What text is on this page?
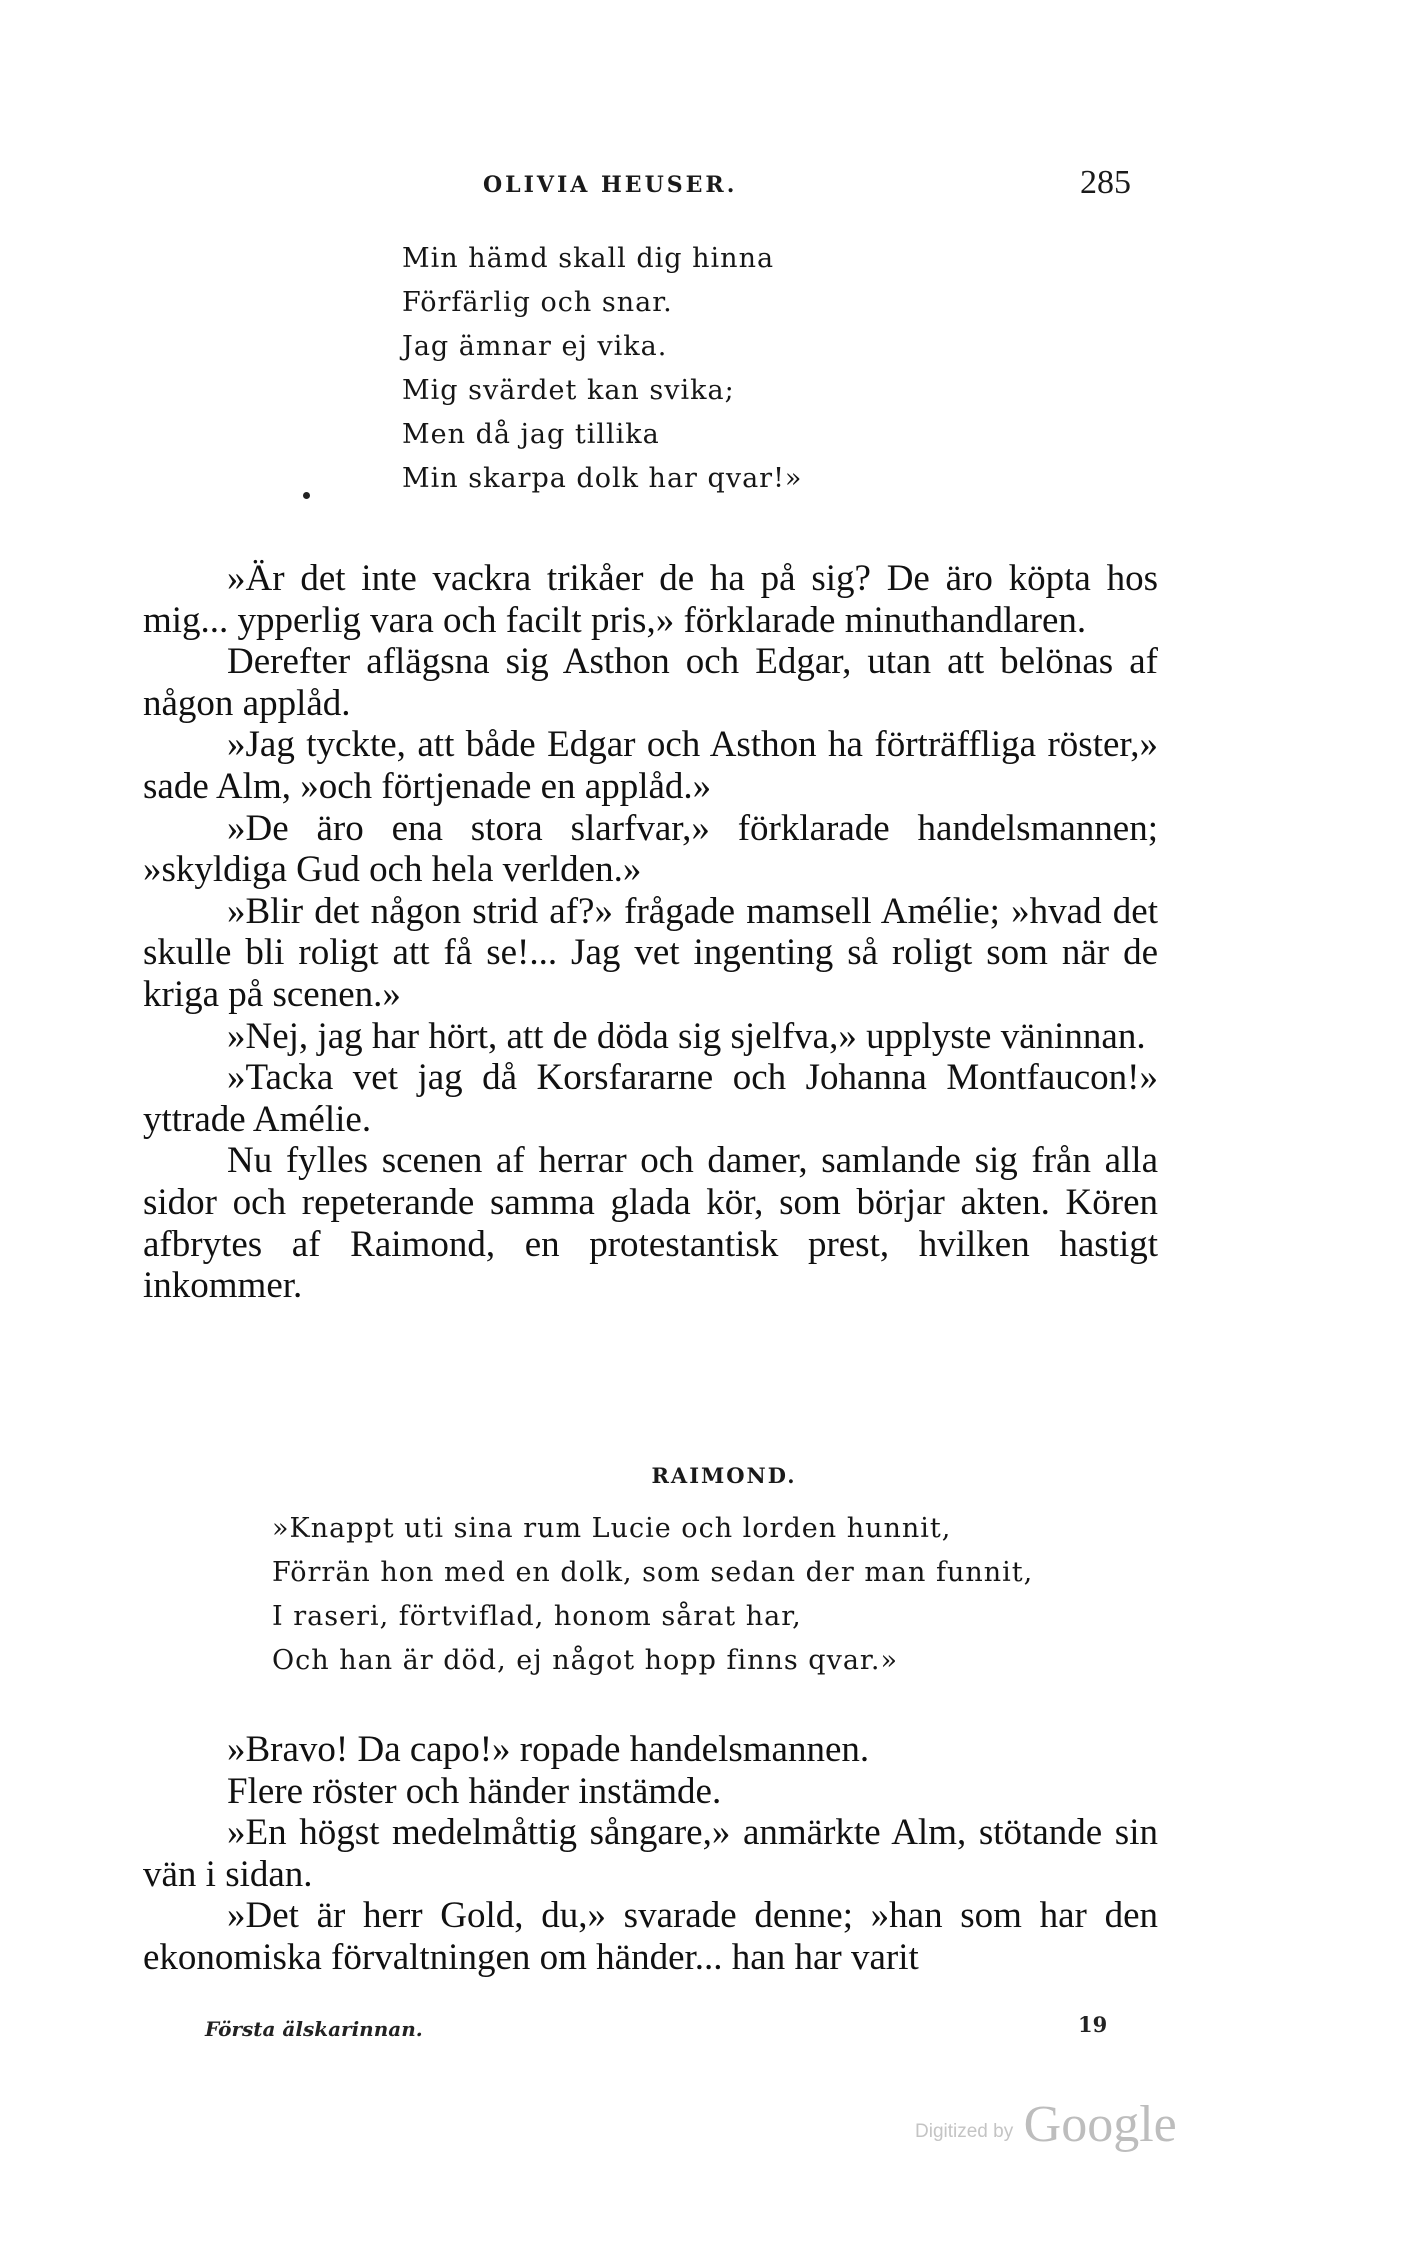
OLIVIA HEUSER.	285
Min hämd skall dig hinna
Förfärlig och snar.
Jag ämnar ej vika.
Mig svärdet kan svika;
Men då jag tillika
Min skarpa dolk har qvar!»

»Är det inte vackra trikåer de ha på sig? De äro köpta hos mig... ypperlig vara och facilt pris,» förklarade minuthandlaren.

Derefter aflägsna sig Asthon och Edgar, utan att belönas af någon applåd.

»Jag tyckte, att både Edgar och Asthon ha förträffliga röster,» sade Alm, »och förtjenade en applåd.»

»De äro ena stora slarfvar,» förklarade handelsmannen; »skyldiga Gud och hela verlden.»

»Blir det någon strid af?» frågade mamsell Amélie; »hvad det skulle bli roligt att få se!... Jag vet ingenting så roligt som när de kriga på scenen.»

»Nej, jag har hört, att de döda sig sjelfva,» upplyste väninnan.

»Tacka vet jag då Korsfararne och Johanna Montfaucon!» yttrade Amélie.

Nu fylles scenen af herrar och damer, samlande sig från alla sidor och repeterande samma glada kör, som börjar akten. Kören afbrytes af Raimond, en protestantisk prest, hvilken hastigt inkommer.

RAIMOND.
»Knappt uti sina rum Lucie och lorden hunnit,
Förrän hon med en dolk, som sedan der man funnit,
I raseri, förtviflad, honom sårat har,
Och han är död, ej något hopp finns qvar.»

»Bravo! Da capo!» ropade handelsmannen.

Flere röster och händer instämde.

»En högst medelmåttig sångare,» anmärkte Alm, stötande sin vän i sidan.

»Det är herr Gold, du,» svarade denne; »han som har den ekonomiska förvaltningen om händer... han har varit

Första älskarinnan.	19
Digitized by Google
